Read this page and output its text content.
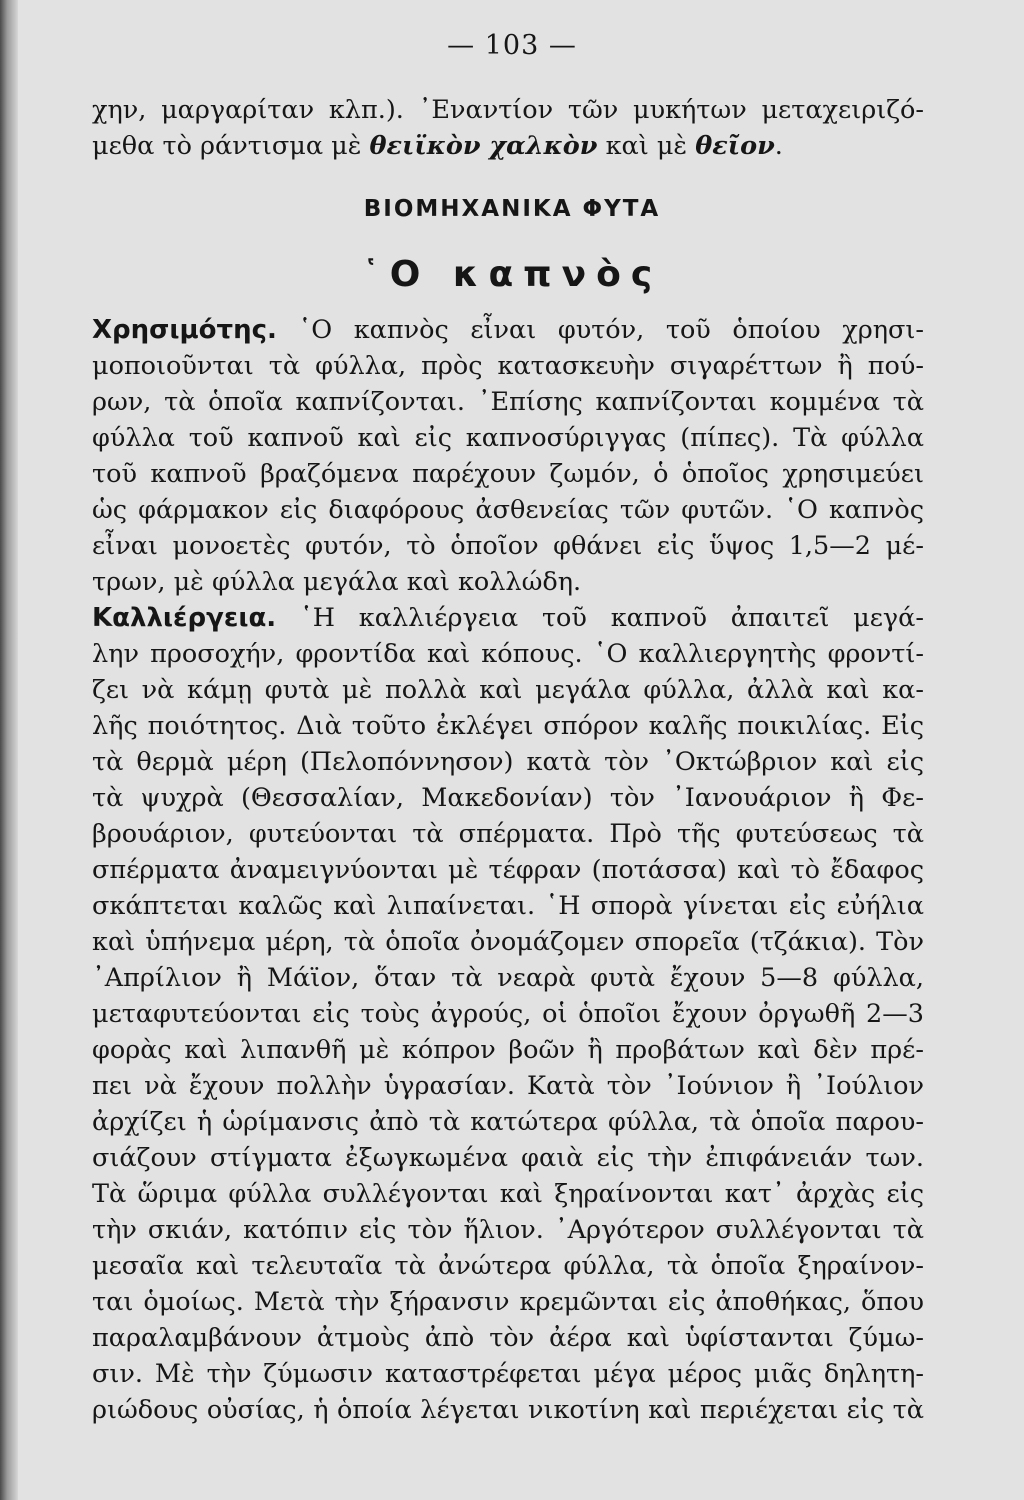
— 103 —
χην, μαργαρίταν κλπ.). ᾿Εναντίον τῶν μυκήτων μεταχειριζό-
μεθα τὸ ράντισμα μὲ θειϊκὸν χαλκὸν καὶ μὲ θεῖον.
ΒΙΟΜΗΧΑΝΙΚΑ ΦΥΤΑ
῾Ο καπνὸς
Χρησιμότης. ῾Ο καπνὸς εἶναι φυτόν, τοῦ ὁποίου χρησι-
μοποιοῦνται τὰ φύλλα, πρὸς κατασκευὴν σιγαρέττων ἢ πού-
ρων, τὰ ὁποῖα καπνίζονται. ᾿Επίσης καπνίζονται κομμένα τὰ
φύλλα τοῦ καπνοῦ καὶ εἰς καπνοσύριγγας (πίπες). Τὰ φύλλα
τοῦ καπνοῦ βραζόμενα παρέχουν ζωμόν, ὁ ὁποῖος χρησιμεύει
ὡς φάρμακον εἰς διαφόρους ἀσθενείας τῶν φυτῶν. ῾Ο καπνὸς
εἶναι μονοετὲς φυτόν, τὸ ὁποῖον φθάνει εἰς ὕψος 1,5—2 μέ-
τρων, μὲ φύλλα μεγάλα καὶ κολλώδη.
Καλλιέργεια. ῾Η καλλιέργεια τοῦ καπνοῦ ἀπαιτεῖ μεγά-
λην προσοχήν, φροντίδα καὶ κόπους. ῾Ο καλλιεργητὴς φροντί-
ζει νὰ κάμῃ φυτὰ μὲ πολλὰ καὶ μεγάλα φύλλα, ἀλλὰ καὶ κα-
λῆς ποιότητος. Διὰ τοῦτο ἐκλέγει σπόρον καλῆς ποικιλίας. Εἰς
τὰ θερμὰ μέρη (Πελοπόννησον) κατὰ τὸν ᾿Οκτώβριον καὶ εἰς
τὰ ψυχρὰ (Θεσσαλίαν, Μακεδονίαν) τὸν ᾿Ιανουάριον ἢ Φε-
βρουάριον, φυτεύονται τὰ σπέρματα. Πρὸ τῆς φυτεύσεως τὰ
σπέρματα ἀναμειγνύονται μὲ τέφραν (ποτάσσα) καὶ τὸ ἔδαφος
σκάπτεται καλῶς καὶ λιπαίνεται. ῾Η σπορὰ γίνεται εἰς εὐήλια
καὶ ὑπήνεμα μέρη, τὰ ὁποῖα ὀνομάζομεν σπορεῖα (τζάκια). Τὸν
᾿Απρίλιον ἢ Μάϊον, ὅταν τὰ νεαρὰ φυτὰ ἔχουν 5—8 φύλλα,
μεταφυτεύονται εἰς τοὺς ἀγρούς, οἱ ὁποῖοι ἔχουν ὀργωθῆ 2—3
φορὰς καὶ λιπανθῆ μὲ κόπρον βοῶν ἢ προβάτων καὶ δὲν πρέ-
πει νὰ ἔχουν πολλὴν ὑγρασίαν. Κατὰ τὸν ᾿Ιούνιον ἢ ᾿Ιούλιον
ἀρχίζει ἡ ὡρίμανσις ἀπὸ τὰ κατώτερα φύλλα, τὰ ὁποῖα παρου-
σιάζουν στίγματα ἐξωγκωμένα φαιὰ εἰς τὴν ἐπιφάνειάν των.
Τὰ ὥριμα φύλλα συλλέγονται καὶ ξηραίνονται κατ᾿ ἀρχὰς εἰς
τὴν σκιάν, κατόπιν εἰς τὸν ἥλιον. ᾿Αργότερον συλλέγονται τὰ
μεσαῖα καὶ τελευταῖα τὰ ἀνώτερα φύλλα, τὰ ὁποῖα ξηραίνον-
ται ὁμοίως. Μετὰ τὴν ξήρανσιν κρεμῶνται εἰς ἀποθήκας, ὅπου
παραλαμβάνουν ἀτμοὺς ἀπὸ τὸν ἀέρα καὶ ὑφίστανται ζύμω-
σιν. Μὲ τὴν ζύμωσιν καταστρέφεται μέγα μέρος μιᾶς δηλητη-
ριώδους οὐσίας, ἡ ὁποία λέγεται νικοτίνη καὶ περιέχεται εἰς τὰ
